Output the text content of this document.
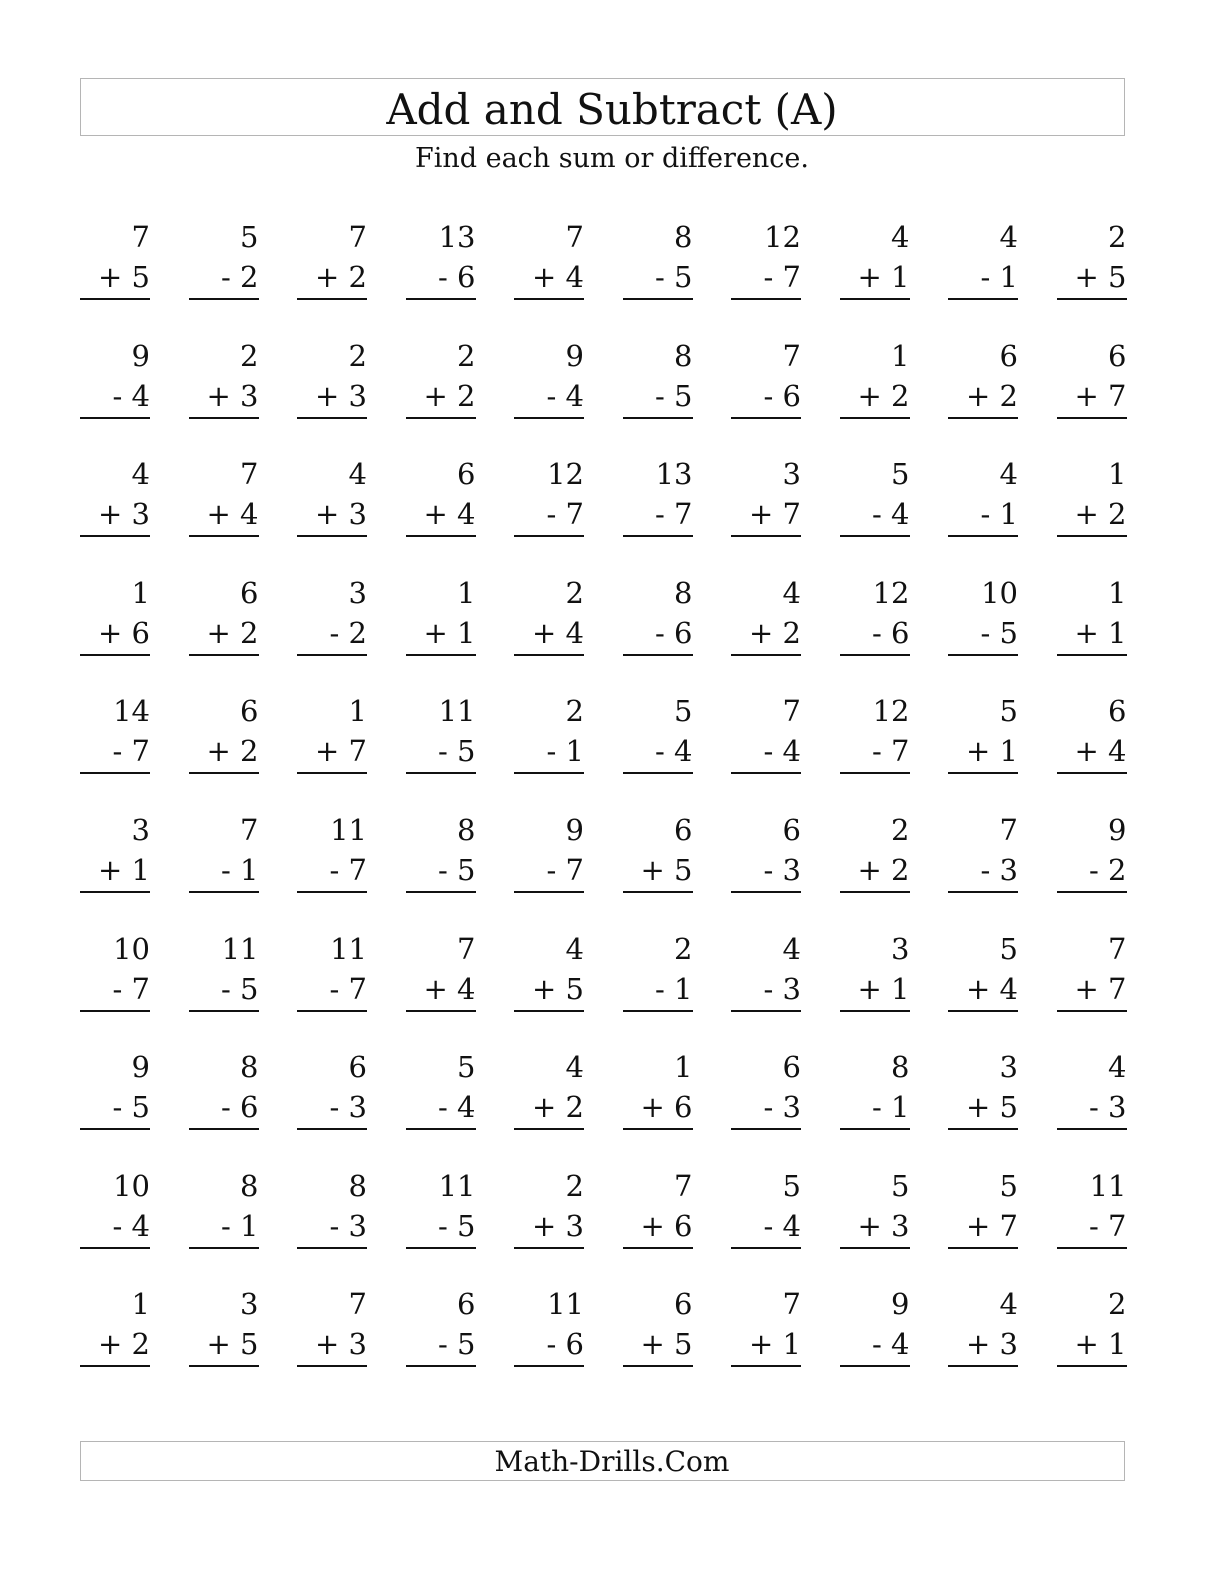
Add and Subtract (A)
Find each sum or difference.
7
+ 5
5
- 2
7
+ 2
13
- 6
7
+ 4
8
- 5
12
- 7
4
+ 1
4
- 1
2
+ 5
9
- 4
2
+ 3
2
+ 3
2
+ 2
9
- 4
8
- 5
7
- 6
1
+ 2
6
+ 2
6
+ 7
4
+ 3
7
+ 4
4
+ 3
6
+ 4
12
- 7
13
- 7
3
+ 7
5
- 4
4
- 1
1
+ 2
1
+ 6
6
+ 2
3
- 2
1
+ 1
2
+ 4
8
- 6
4
+ 2
12
- 6
10
- 5
1
+ 1
14
- 7
6
+ 2
1
+ 7
11
- 5
2
- 1
5
- 4
7
- 4
12
- 7
5
+ 1
6
+ 4
3
+ 1
7
- 1
11
- 7
8
- 5
9
- 7
6
+ 5
6
- 3
2
+ 2
7
- 3
9
- 2
10
- 7
11
- 5
11
- 7
7
+ 4
4
+ 5
2
- 1
4
- 3
3
+ 1
5
+ 4
7
+ 7
9
- 5
8
- 6
6
- 3
5
- 4
4
+ 2
1
+ 6
6
- 3
8
- 1
3
+ 5
4
- 3
10
- 4
8
- 1
8
- 3
11
- 5
2
+ 3
7
+ 6
5
- 4
5
+ 3
5
+ 7
11
- 7
1
+ 2
3
+ 5
7
+ 3
6
- 5
11
- 6
6
+ 5
7
+ 1
9
- 4
4
+ 3
2
+ 1
Math-Drills.Com
